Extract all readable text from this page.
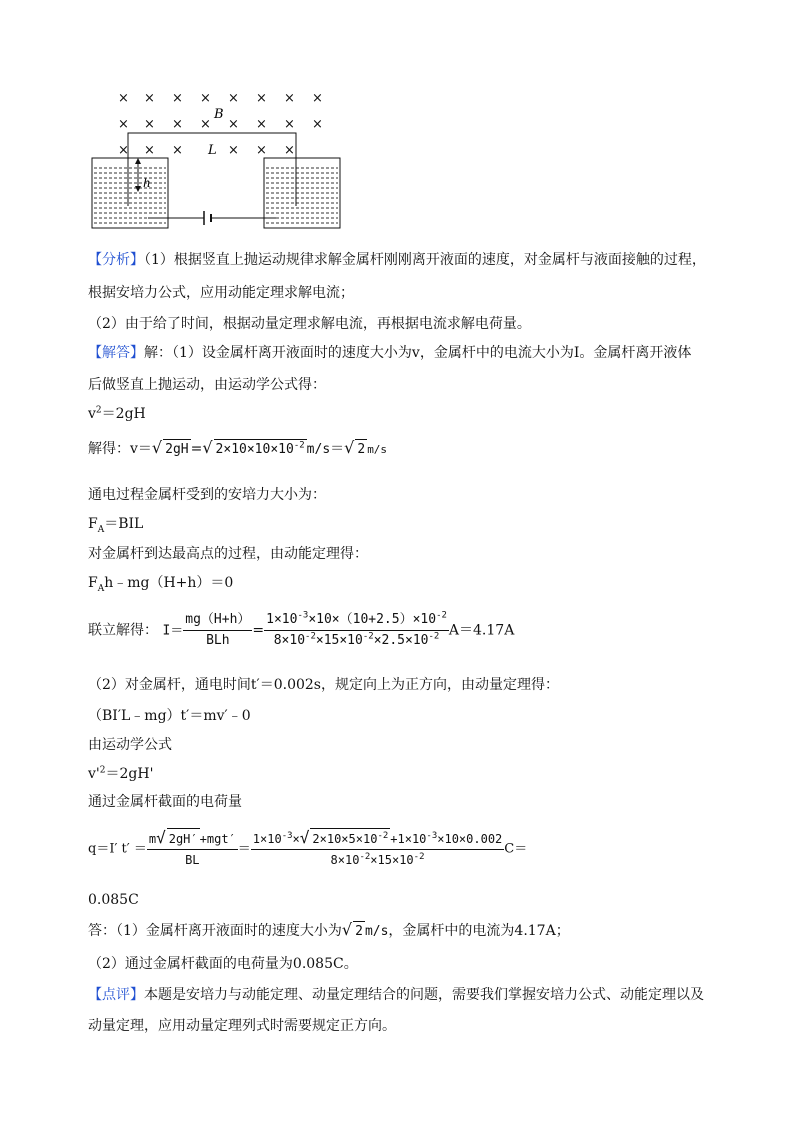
× × × × × × × ×
× × × × × × × ×
× × ×	× × ×
B
L
h
【分析】（1）根据竖直上抛运动规律求解金属杆刚刚离开液面的速度，对金属杆与液面接触的过程，
根据安培力公式，应用动能定理求解电流；
（2）由于给了时间，根据动量定理求解电流，再根据电流求解电荷量。
【解答】解：（1）设金属杆离开液面时的速度大小为v，金属杆中的电流大小为I。金属杆离开液体
后做竖直上抛运动，由运动学公式得：
$v^2=2gH$
解得：v＝√ 2gH =√ $2\times 10\times 10\times 10^{-2}$ m/s＝√ 2 m/s
通电过程金属杆受到的安培力大小为：
$F_A=BIL$
对金属杆到达最高点的过程，由动能定理得：
$F_Ah﹣mg(H+h)=0$
联立解得： $I= \frac{mg(H+h)}{\text{BLh}} = \frac{1\times 10^{-3}\times 10\times(10+2.5)\times 10^{-2}}{8\times 10^{-2}\times 15\times 10^{-2}\times 2.5\times 10^{-2}} A=4.17A$
（2）对金属杆，通电时间t′＝0.002s，规定向上为正方向，由动量定理得：
（BI′L﹣mg）t′＝mv′﹣0
由运动学公式
$v'^2=2gH'$
通过金属杆截面的电荷量
q＝I′ $t' = \frac{\text{m√ 2gH′ +mgt′}}{BL} = \frac{1\times 10^{-3}\times√ 2\times 10\times 5\times 10^{-2} +1\times 10^{-3}\times 10\times 0.002}{8\times 10^{-2}\times 15\times 10^{-2}} C=$
0.085C
答：（1）金属杆离开液面时的速度大小为√ 2 m/s，金属杆中的电流为4.17A；
（2）通过金属杆截面的电荷量为0.085C。
【点评】本题是安培力与动能定理、动量定理结合的问题，需要我们掌握安培力公式、动能定理以及
动量定理，应用动量定理列式时需要规定正方向。
